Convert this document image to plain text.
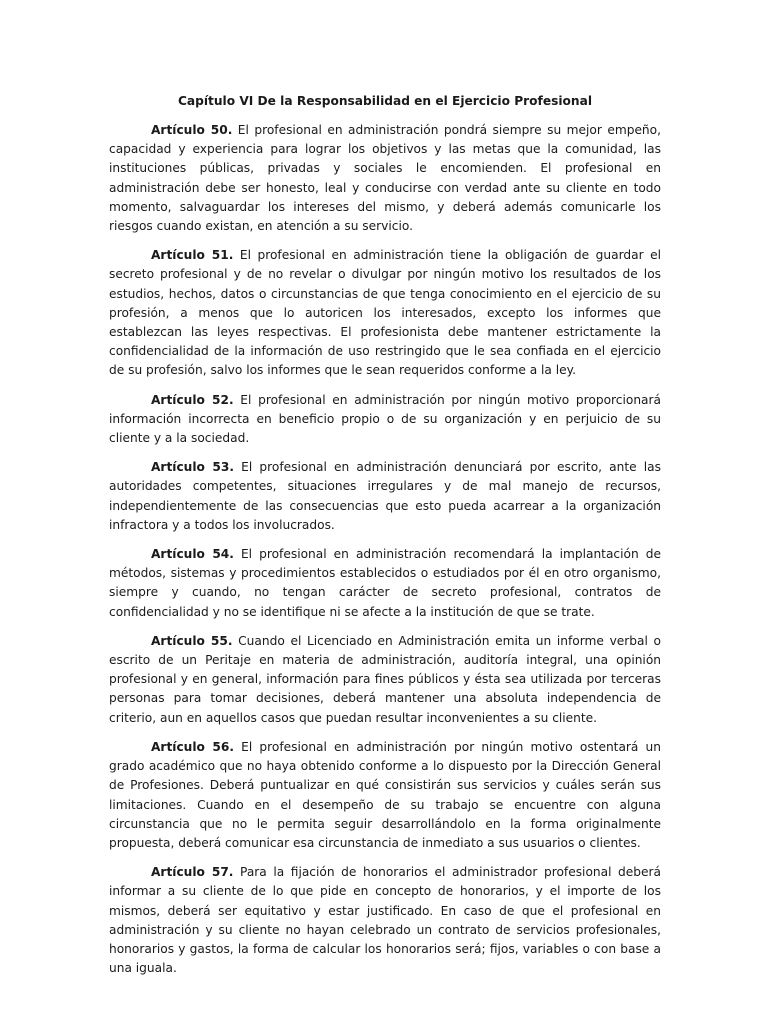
Capítulo VI De la Responsabilidad en el Ejercicio Profesional

Artículo 50. El profesional en administración pondrá siempre su mejor empeño, capacidad y experiencia para lograr los objetivos y las metas que la comunidad, las instituciones públicas, privadas y sociales le encomienden. El profesional en administración debe ser honesto, leal y conducirse con verdad ante su cliente en todo momento, salvaguardar los intereses del mismo, y deberá además comunicarle los riesgos cuando existan, en atención a su servicio.

Artículo 51. El profesional en administración tiene la obligación de guardar el secreto profesional y de no revelar o divulgar por ningún motivo los resultados de los estudios, hechos, datos o circunstancias de que tenga conocimiento en el ejercicio de su profesión, a menos que lo autoricen los interesados, excepto los informes que establezcan las leyes respectivas. El profesionista debe mantener estrictamente la confidencialidad de la información de uso restringido que le sea confiada en el ejercicio de su profesión, salvo los informes que le sean requeridos conforme a la ley.

Artículo 52. El profesional en administración por ningún motivo proporcionará información incorrecta en beneficio propio o de su organización y en perjuicio de su cliente y a la sociedad.

Artículo 53. El profesional en administración denunciará por escrito, ante las autoridades competentes, situaciones irregulares y de mal manejo de recursos, independientemente de las consecuencias que esto pueda acarrear a la organización infractora y a todos los involucrados.

Artículo 54. El profesional en administración recomendará la implantación de métodos, sistemas y procedimientos establecidos o estudiados por él en otro organismo, siempre y cuando, no tengan carácter de secreto profesional, contratos de confidencialidad y no se identifique ni se afecte a la institución de que se trate.

Artículo 55. Cuando el Licenciado en Administración emita un informe verbal o escrito de un Peritaje en materia de administración, auditoría integral, una opinión profesional y en general, información para fines públicos y ésta sea utilizada por terceras personas para tomar decisiones, deberá mantener una absoluta independencia de criterio, aun en aquellos casos que puedan resultar inconvenientes a su cliente.

Artículo 56. El profesional en administración por ningún motivo ostentará un grado académico que no haya obtenido conforme a lo dispuesto por la Dirección General de Profesiones. Deberá puntualizar en qué consistirán sus servicios y cuáles serán sus limitaciones. Cuando en el desempeño de su trabajo se encuentre con alguna circunstancia que no le permita seguir desarrollándolo en la forma originalmente propuesta, deberá comunicar esa circunstancia de inmediato a sus usuarios o clientes.

Artículo 57. Para la fijación de honorarios el administrador profesional deberá informar a su cliente de lo que pide en concepto de honorarios, y el importe de los mismos, deberá ser equitativo y estar justificado. En caso de que el profesional en administración y su cliente no hayan celebrado un contrato de servicios profesionales, honorarios y gastos, la forma de calcular los honorarios será; fijos, variables o con base a una iguala.
